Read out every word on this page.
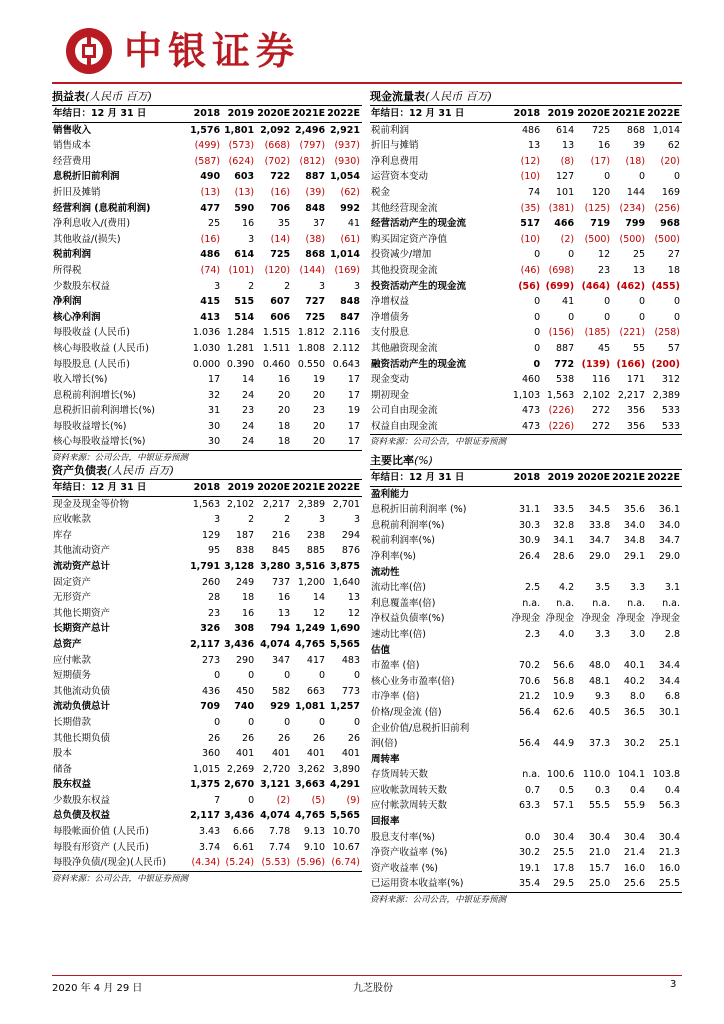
中银证券
损益表(人民币 百万)
年结日：12 月 31 日	2018	2019	2020E	2021E	2022E
销售收入	1,576	1,801	2,092	2,496	2,921
销售成本	(499)	(573)	(668)	(797)	(937)
经营费用	(587)	(624)	(702)	(812)	(930)
息税折旧前利润	490	603	722	887	1,054
折旧及摊销	(13)	(13)	(16)	(39)	(62)
经营利润 (息税前利润)	477	590	706	848	992
净利息收入/(费用)	25	16	35	37	41
其他收益/(损失)	(16)	3	(14)	(38)	(61)
税前利润	486	614	725	868	1,014
所得税	(74)	(101)	(120)	(144)	(169)
少数股东权益	3	2	2	3	3
净利润	415	515	607	727	848
核心净利润	413	514	606	725	847
每股收益 (人民币)	1.036	1.284	1.515	1.812	2.116
核心每股收益 (人民币)	1.030	1.281	1.511	1.808	2.112
每股股息 (人民币)	0.000	0.390	0.460	0.550	0.643
收入增长(%)	17	14	16	19	17
息税前利润增长(%)	32	24	20	20	17
息税折旧前利润增长(%)	31	23	20	23	19
每股收益增长(%)	30	24	18	20	17
核心每股收益增长(%)	30	24	18	20	17
资料来源：公司公告，中银证券预测
资产负债表(人民币 百万)
年结日：12 月 31 日	2018	2019	2020E	2021E	2022E
现金及现金等价物	1,563	2,102	2,217	2,389	2,701
应收帐款	3	2	2	3	3
库存	129	187	216	238	294
其他流动资产	95	838	845	885	876
流动资产总计	1,791	3,128	3,280	3,516	3,875
固定资产	260	249	737	1,200	1,640
无形资产	28	18	16	14	13
其他长期资产	23	16	13	12	12
长期资产总计	326	308	794	1,249	1,690
总资产	2,117	3,436	4,074	4,765	5,565
应付帐款	273	290	347	417	483
短期债务	0	0	0	0	0
其他流动负债	436	450	582	663	773
流动负债总计	709	740	929	1,081	1,257
长期借款	0	0	0	0	0
其他长期负债	26	26	26	26	26
股本	360	401	401	401	401
储备	1,015	2,269	2,720	3,262	3,890
股东权益	1,375	2,670	3,121	3,663	4,291
少数股东权益	7	0	(2)	(5)	(9)
总负债及权益	2,117	3,436	4,074	4,765	5,565
每股帐面价值 (人民币)	3.43	6.66	7.78	9.13	10.70
每股有形资产 (人民币)	3.74	6.61	7.74	9.10	10.67
每股净负债/(现金)(人民币)	(4.34)	(5.24)	(5.53)	(5.96)	(6.74)
资料来源：公司公告，中银证券预测
现金流量表(人民币 百万)
年结日：12 月 31 日	2018	2019	2020E	2021E	2022E
税前利润	486	614	725	868	1,014
折旧与摊销	13	13	16	39	62
净利息费用	(12)	(8)	(17)	(18)	(20)
运营资本变动	(10)	127	0	0	0
税金	74	101	120	144	169
其他经营现金流	(35)	(381)	(125)	(234)	(256)
经营活动产生的现金流	517	466	719	799	968
购买固定资产净值	(10)	(2)	(500)	(500)	(500)
投资减少/增加	0	0	12	25	27
其他投资现金流	(46)	(698)	23	13	18
投资活动产生的现金流	(56)	(699)	(464)	(462)	(455)
净增权益	0	41	0	0	0
净增债务	0	0	0	0	0
支付股息	0	(156)	(185)	(221)	(258)
其他融资现金流	0	887	45	55	57
融资活动产生的现金流	0	772	(139)	(166)	(200)
现金变动	460	538	116	171	312
期初现金	1,103	1,563	2,102	2,217	2,389
公司自由现金流	473	(226)	272	356	533
权益自由现金流	473	(226)	272	356	533
资料来源：公司公告，中银证券预测
主要比率(%)
年结日：12 月 31 日	2018	2019	2020E	2021E	2022E
盈利能力					
息税折旧前利润率 (%)	31.1	33.5	34.5	35.6	36.1
息税前利润率(%)	30.3	32.8	33.8	34.0	34.0
税前利润率(%)	30.9	34.1	34.7	34.8	34.7
净利率(%)	26.4	28.6	29.0	29.1	29.0
流动性					
流动比率(倍)	2.5	4.2	3.5	3.3	3.1
利息覆盖率(倍)	n.a.	n.a.	n.a.	n.a.	n.a.
净权益负债率(%)	净现金	净现金	净现金	净现金	净现金
速动比率(倍)	2.3	4.0	3.3	3.0	2.8
估值					
市盈率 (倍)	70.2	56.6	48.0	40.1	34.4
核心业务市盈率(倍)	70.6	56.8	48.1	40.2	34.4
市净率 (倍)	21.2	10.9	9.3	8.0	6.8
价格/现金流 (倍)	56.4	62.6	40.5	36.5	30.1
企业价值/息税折旧前利					
润(倍)	56.4	44.9	37.3	30.2	25.1
周转率					
存货周转天数	n.a.	100.6	110.0	104.1	103.8
应收帐款周转天数	0.7	0.5	0.3	0.4	0.4
应付帐款周转天数	63.3	57.1	55.5	55.9	56.3
回报率					
股息支付率(%)	0.0	30.4	30.4	30.4	30.4
净资产收益率 (%)	30.2	25.5	21.0	21.4	21.3
资产收益率 (%)	19.1	17.8	15.7	16.0	16.0
已运用资本收益率(%)	35.4	29.5	25.0	25.6	25.5
资料来源：公司公告，中银证券预测
2020 年 4 月 29 日	九芝股份	3
